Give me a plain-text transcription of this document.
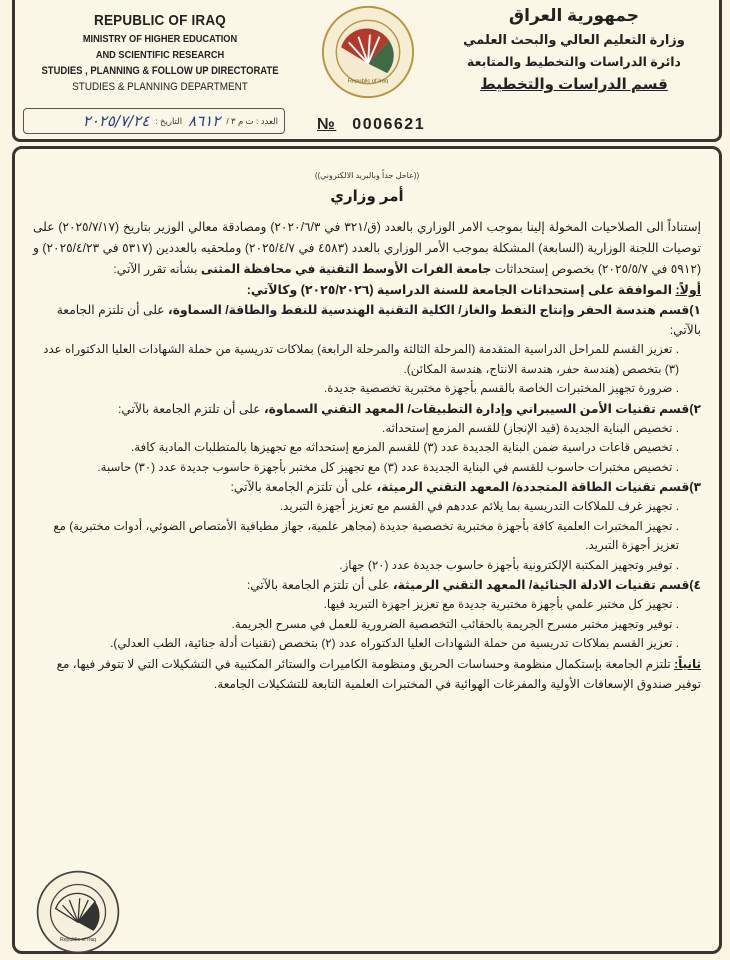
REPUBLIC OF IRAQ
MINISTRY OF HIGHER EDUCATION
AND SCIENTIFIC RESEARCH
STUDIES , PLANNING & FOLLOW UP DIRECTORATE
STUDIES & PLANNING DEPARTMENT
العدد : ت م ٣ /
٨٦١٢
التاريخ :
٢٠٢٥/٧/٢٤
Republic of Iraq
№ 0006621
جمهورية العراق
وزارة التعليم العالي والبحث العلمي
دائرة الدراسات والتخطيط والمتابعة
قسم الدراسات والتخطيط
((عاجل جداً وبالبريد الالكتروني))
أمر وزاري
إستناداً الى الصلاحيات المخولة إلينا بموجب الامر الوزاري بالعدد (ق/٣٢١ في ٢٠٢٠/٦/٣) ومصادقة معالي الوزير بتاريخ (٢٠٢٥/٧/١٧) على توصيات اللجنة الوزارية (السابعة) المشكلة بموجب الأمر الوزاري بالعدد (٤٥٨٣ في ٢٠٢٥/٤/٧) وملحقيه بالعددين (٥٣١٧ في ٢٠٢٥/٤/٢٣) و (٥٩١٢ في ٢٠٢٥/٥/٧) بخصوص إستحداثات جامعة الفرات الأوسط التقنية في محافظة المثنى بشأنه تقرر الآتي:
أولاً: الموافقة على إستحداثات الجامعة للسنة الدراسية (٢٠٢٥/٢٠٢٦) وكالآتي:
١)قسم هندسة الحفر وإنتاج النفط والغاز/ الكلية التقنية الهندسية للنفط والطاقة/ السماوة، على أن تلتزم الجامعة بالآتي:
. تعزيز القسم للمراحل الدراسية المتقدمة (المرحلة الثالثة والمرحلة الرابعة) بملاكات تدريسية من حملة الشهادات العليا الدكتوراه عدد (٣) بتخصص (هندسة حفر، هندسة الانتاج، هندسة المكائن).
. ضرورة تجهيز المختبرات الخاصة بالقسم بأجهزة مختبرية تخصصية جديدة.
٢)قسم تقنيات الأمن السيبراني وإدارة التطبيقات/ المعهد التقني السماوة، على أن تلتزم الجامعة بالآتي:
. تخصيص البناية الجديدة (قيد الإنجاز) للقسم المزمع إستحداثه.
. تخصيص قاعات دراسية ضمن البناية الجديدة عدد (٣) للقسم المزمع إستحداثه مع تجهيزها بالمتطلبات المادية كافة.
. تخصيص مختبرات حاسوب للقسم في البناية الجديدة عدد (٣) مع تجهيز كل مختبر بأجهزة حاسوب جديدة عدد (٣٠) حاسبة.
٣)قسم تقنيات الطاقة المتجددة/ المعهد التقني الرميثة، على أن تلتزم الجامعة بالآتي:
. تجهيز غرف للملاكات التدريسية بما يلائم عددهم في القسم مع تعزيز أجهزة التبريد.
. تجهيز المختبرات العلمية كافة بأجهزة مختبرية تخصصية جديدة (مجاهر علمية، جهاز مطيافية الأمتصاص الضوئي، أدوات مختبرية) مع تعزيز أجهزة التبريد.
. توفير وتجهيز المكتبة الإلكترونية بأجهزة حاسوب جديدة عدد (٢٠) جهاز.
٤)قسم تقنيات الادلة الجنائية/ المعهد التقني الرميثة، على أن تلتزم الجامعة بالآتي:
. تجهيز كل مختبر علمي بأجهزة مختبرية جديدة مع تعزيز اجهزة التبريد فيها.
. توفير وتجهيز مختبر مسرح الجريمة بالحقائب التخصصية الضرورية للعمل في مسرح الجريمة.
. تعزيز القسم بملاكات تدريسية من حملة الشهادات العليا الدكتوراه عدد (٢) بتخصص (تقنيات أدلة جنائية، الطب العدلي).
ثانياً: تلتزم الجامعة بإستكمال منظومة وحساسات الحريق ومنظومة الكاميرات والستائر المكتبية في التشكيلات التي لا تتوفر فيها، مع توفير صندوق الإسعافات الأولية والمفرغات الهوائية في المختبرات العلمية التابعة للتشكيلات الجامعة.
Republic of Iraq
